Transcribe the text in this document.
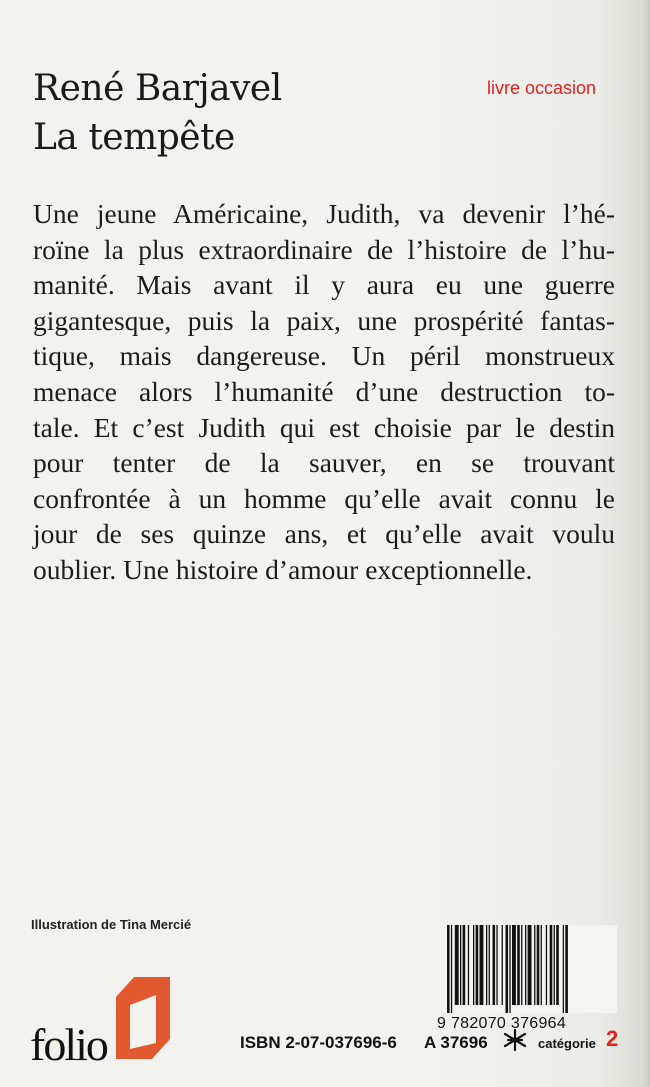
René Barjavel
La tempête
livre occasion
Une jeune Américaine, Judith, va devenir l’hé-
roïne la plus extraordinaire de l’histoire de l’hu-
manité. Mais avant il y aura eu une guerre
gigantesque, puis la paix, une prospérité fantas-
tique, mais dangereuse. Un péril monstrueux
menace alors l’humanité d’une destruction to-
tale. Et c’est Judith qui est choisie par le destin
pour tenter de la sauver, en se trouvant
confrontée à un homme qu’elle avait connu le
jour de ses quinze ans, et qu’elle avait voulu
oublier. Une histoire d’amour exceptionnelle.
Illustration de Tina Mercié
9 782070 376964
folio	ISBN 2-07-037696-6 A 37696	catégorie 2
